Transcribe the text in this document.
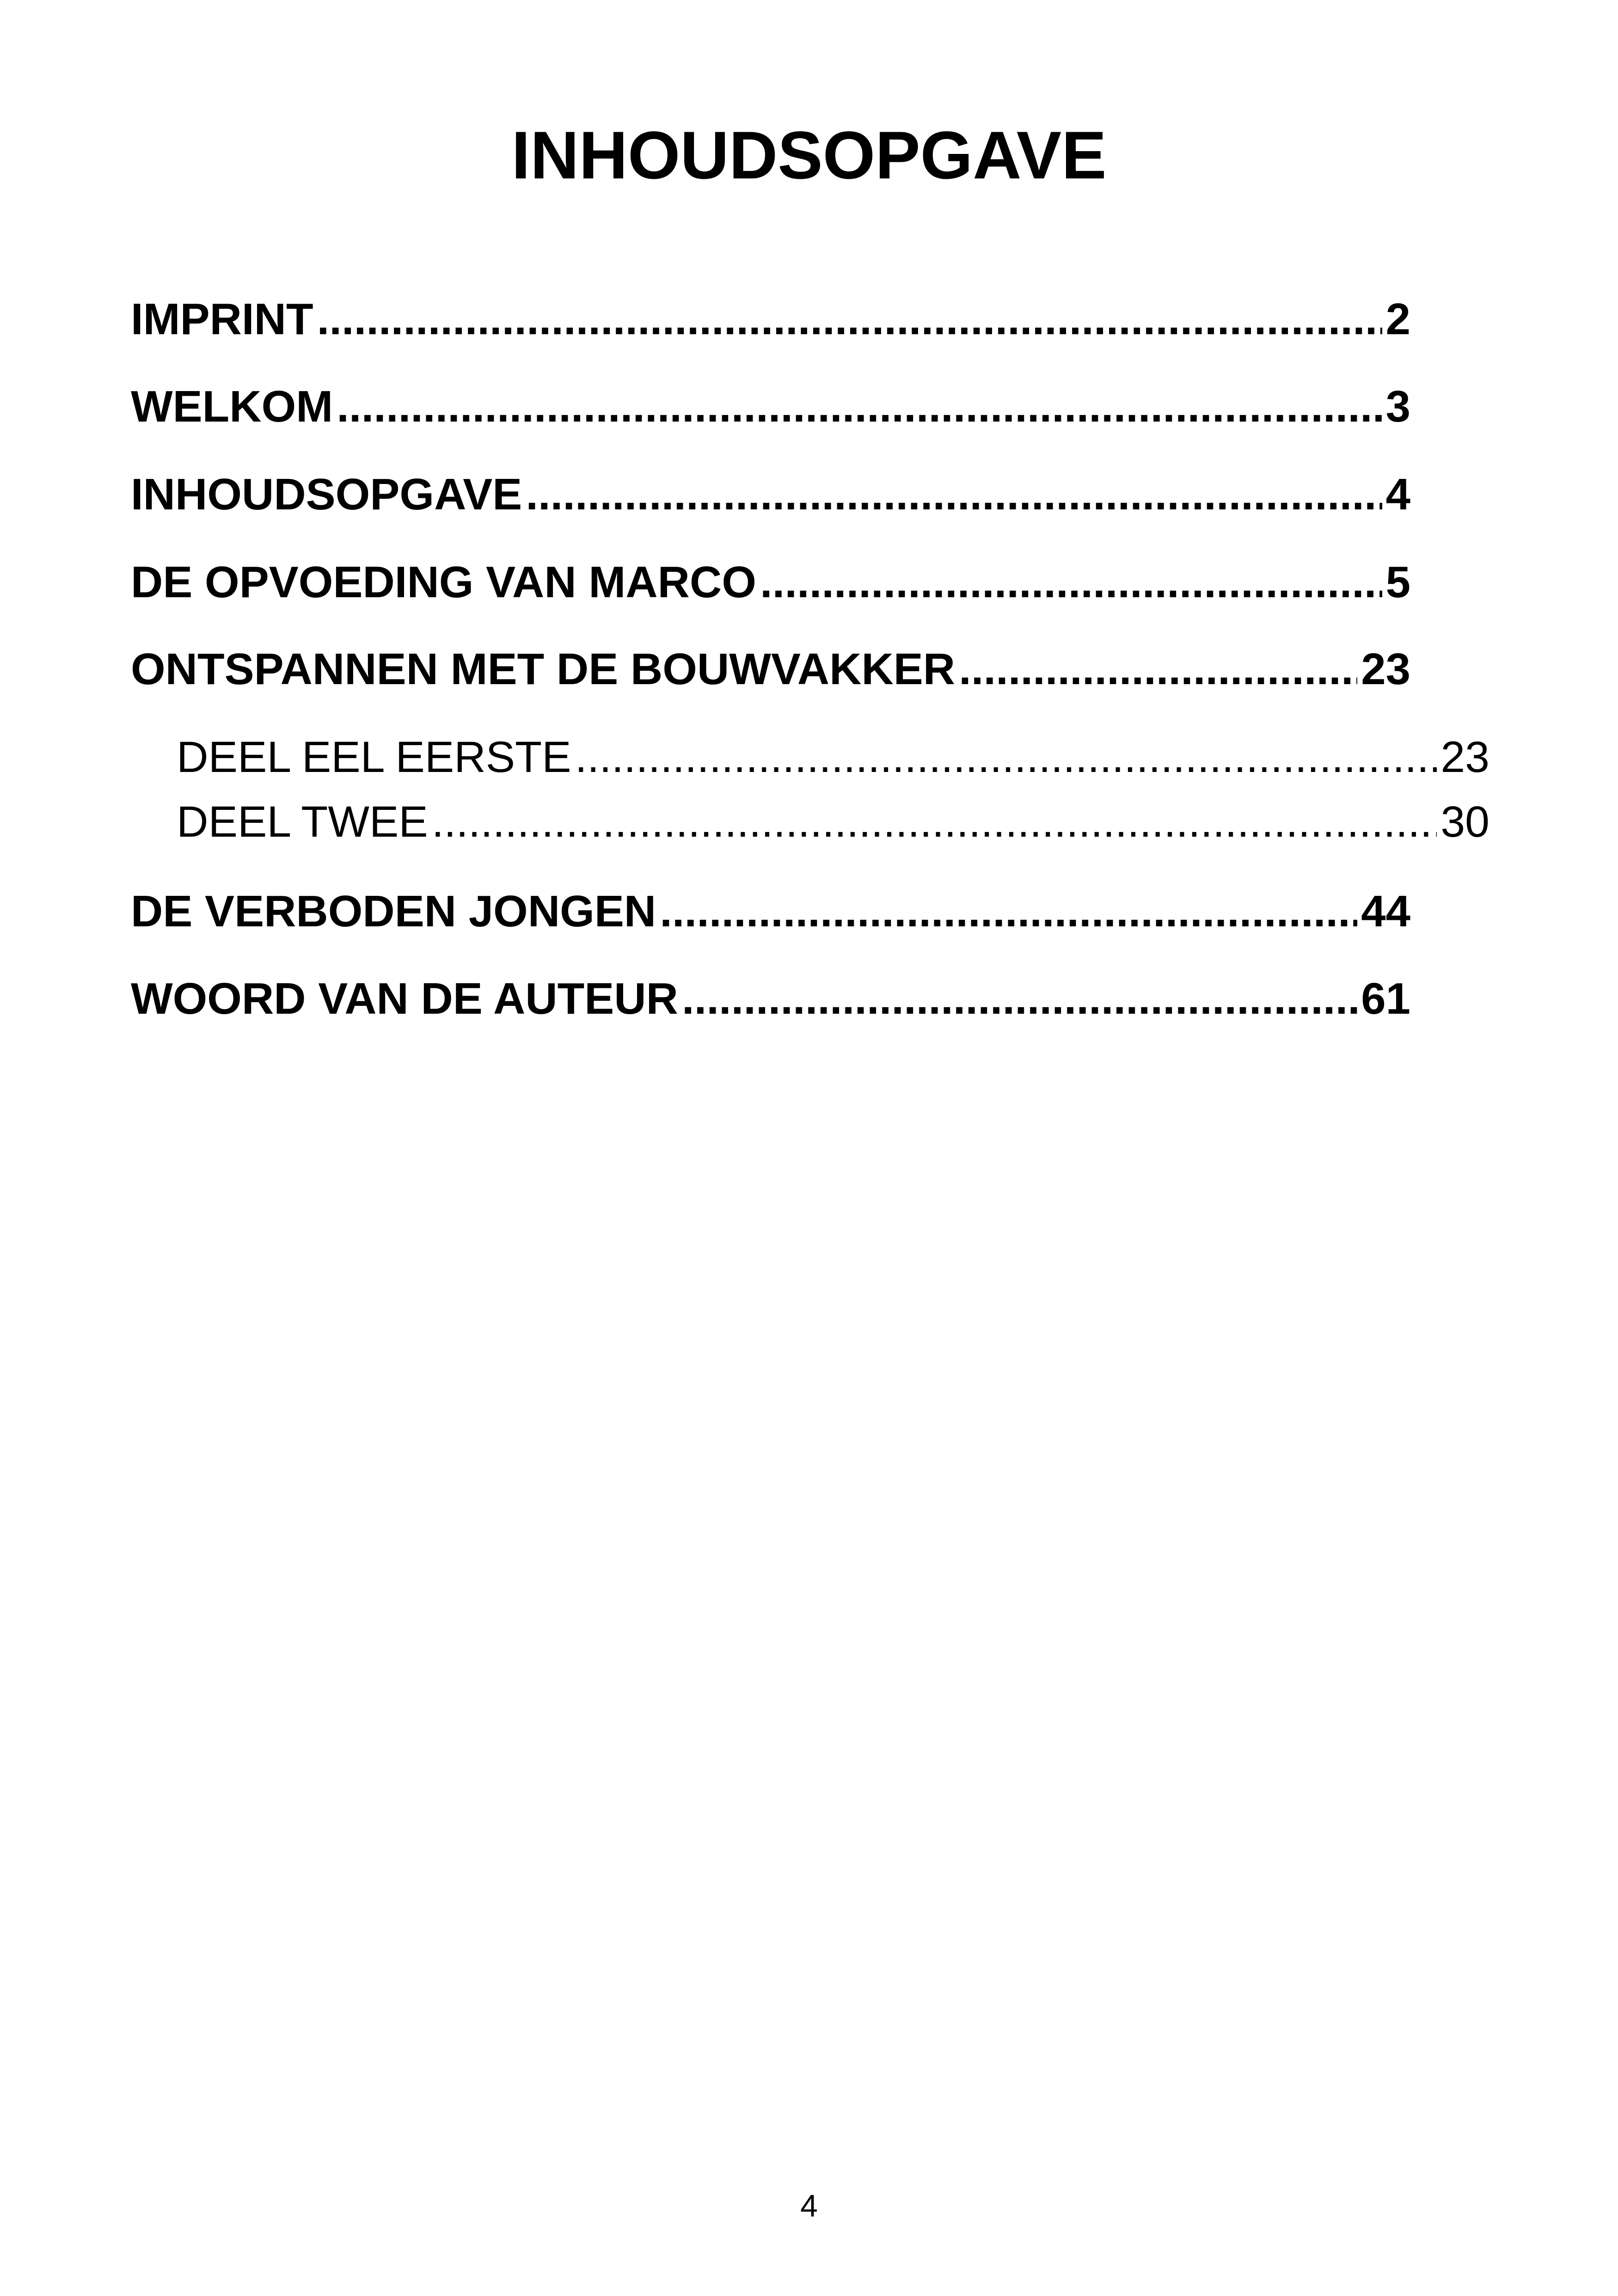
INHOUDSOPGAVE
IMPRINT .....	2
WELKOM .....	3
INHOUDSOPGAVE .....	4
DE OPVOEDING VAN MARCO .....	5
ONTSPANNEN MET DE BOUWVAKKER .....	23
DEEL EEL EERSTE .....	23
DEEL TWEE .....	30
DE VERBODEN JONGEN .....	44
WOORD VAN DE AUTEUR .....	61
4
